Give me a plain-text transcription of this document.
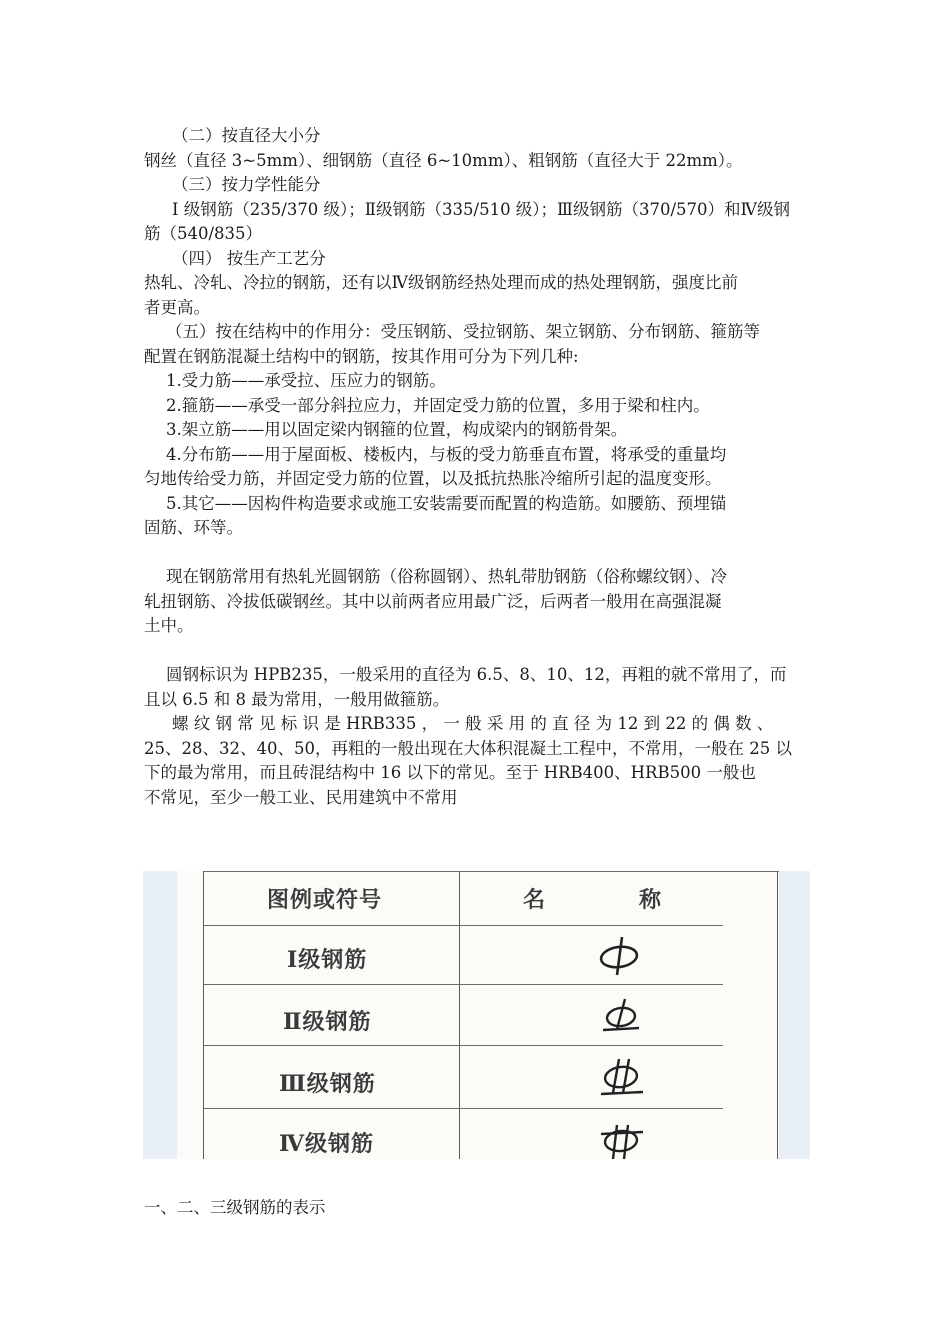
（二）按直径大小分

钢丝（直径 3~5mm）、细钢筋（直径 6~10mm）、粗钢筋（直径大于 22mm）。

（三）按力学性能分

Ⅰ 级钢筋（235/370 级）；Ⅱ级钢筋（335/510 级）；Ⅲ级钢筋（370/570）和Ⅳ级钢

筋（540/835）

（四） 按生产工艺分

热轧、冷轧、冷拉的钢筋，还有以Ⅳ级钢筋经热处理而成的热处理钢筋，强度比前

者更高。

（五）按在结构中的作用分：受压钢筋、受拉钢筋、架立钢筋、分布钢筋、箍筋等

配置在钢筋混凝土结构中的钢筋，按其作用可分为下列几种:

1.受力筋——承受拉、压应力的钢筋。

2.箍筋——承受一部分斜拉应力，并固定受力筋的位置，多用于梁和柱内。

3.架立筋——用以固定梁内钢箍的位置，构成梁内的钢筋骨架。

4.分布筋——用于屋面板、楼板内，与板的受力筋垂直布置，将承受的重量均

匀地传给受力筋，并固定受力筋的位置，以及抵抗热胀冷缩所引起的温度变形。

5.其它——因构件构造要求或施工安装需要而配置的构造筋。如腰筋、预埋锚

固筋、环等。

现在钢筋常用有热轧光圆钢筋（俗称圆钢）、热轧带肋钢筋（俗称螺纹钢）、冷

轧扭钢筋、冷拔低碳钢丝。其中以前两者应用最广泛，后两者一般用在高强混凝

土中。

圆钢标识为 HPB235，一般采用的直径为 6.5、8、10、12，再粗的就不常用了，而

且以 6.5 和 8 最为常用，一般用做箍筋。

螺 纹 钢 常 见 标 识 是 HRB335 ， 一 般 采 用 的 直 径 为 12 到 22 的 偶 数 、

25、28、32、40、50，再粗的一般出现在大体积混凝土工程中，不常用，一般在 25 以

下的最为常用，而且砖混结构中 16 以下的常见。至于 HRB400、HRB500 一般也

不常见，至少一般工业、民用建筑中不常用

图例或符号	名	称
Ⅰ级钢筋
Ⅱ级钢筋
Ⅲ级钢筋
Ⅳ级钢筋
一、二、三级钢筋的表示
